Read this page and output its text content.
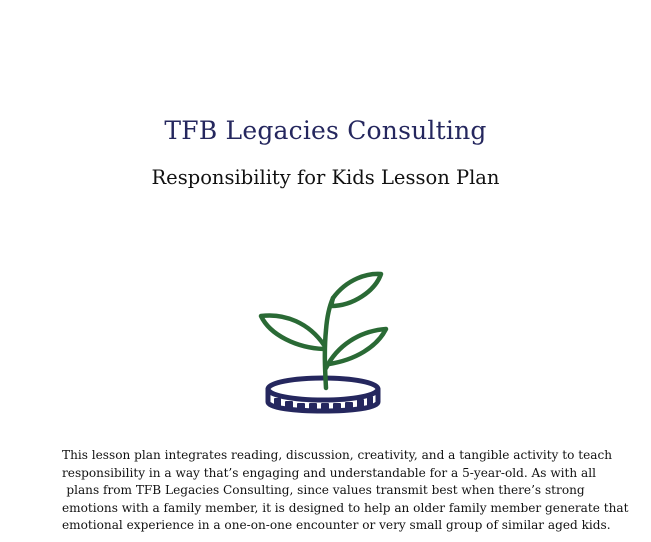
TFB Legacies Consulting
Responsibility for Kids Lesson Plan
This lesson plan integrates reading, discussion, creativity, and a tangible activity to teach
responsibility in a way that’s engaging and understandable for a 5-year-old. As with all
plans from TFB Legacies Consulting, since values transmit best when there’s strong
emotions with a family member, it is designed to help an older family member generate that
emotional experience in a one-on-one encounter or very small group of similar aged kids.
